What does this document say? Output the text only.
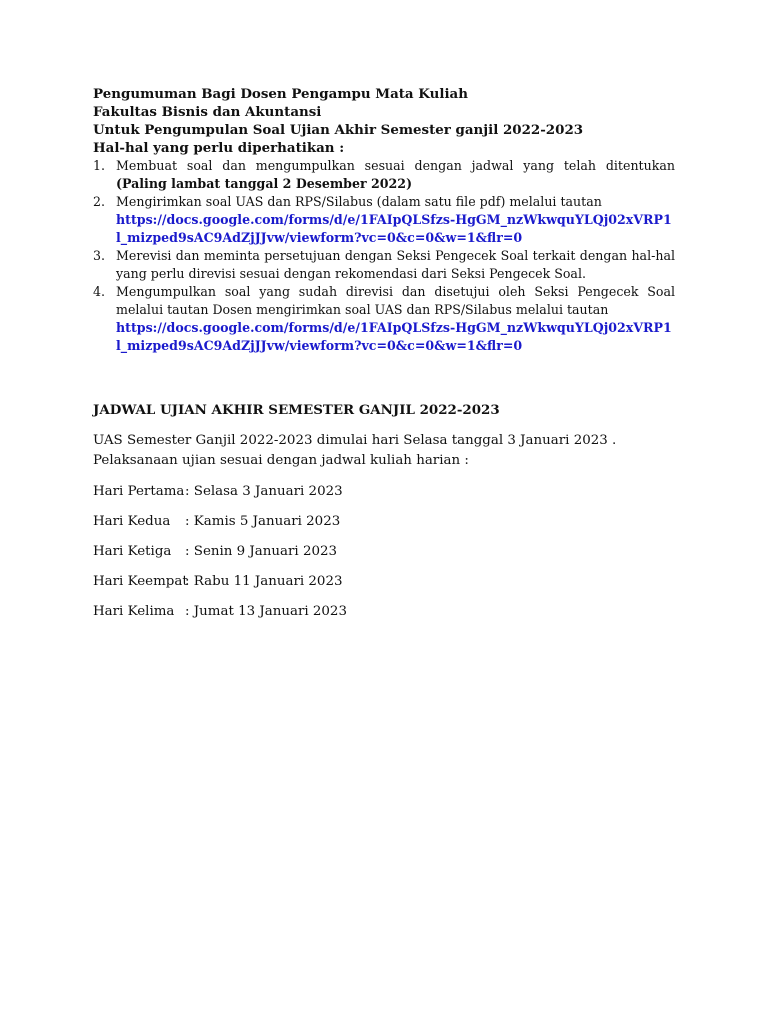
Pengumuman Bagi Dosen Pengampu Mata Kuliah
Fakultas Bisnis dan Akuntansi
Untuk Pengumpulan Soal Ujian Akhir Semester ganjil 2022-2023
Hal-hal yang perlu diperhatikan :
1. Membuat soal dan mengumpulkan sesuai dengan jadwal yang telah ditentukan (Paling lambat tanggal 2 Desember 2022)
2. Mengirimkan soal UAS dan RPS/Silabus (dalam satu file pdf) melalui tautan
https://docs.google.com/forms/d/e/1FAIpQLSfzs-HgGM_nzWkwquYLQj02xVRP1l_mizped9sAC9AdZjJJvw/viewform?vc=0&c=0&w=1&flr=0
3. Merevisi dan meminta persetujuan dengan Seksi Pengecek Soal terkait dengan hal-hal yang perlu direvisi sesuai dengan rekomendasi dari Seksi Pengecek Soal.
4. Mengumpulkan soal yang sudah direvisi dan disetujui oleh Seksi Pengecek Soal melalui tautan Dosen mengirimkan soal UAS dan RPS/Silabus melalui tautan
https://docs.google.com/forms/d/e/1FAIpQLSfzs-HgGM_nzWkwquYLQj02xVRP1l_mizped9sAC9AdZjJJvw/viewform?vc=0&c=0&w=1&flr=0
JADWAL UJIAN AKHIR SEMESTER GANJIL 2022-2023
UAS Semester Ganjil 2022-2023 dimulai hari Selasa tanggal 3 Januari 2023 . Pelaksanaan ujian sesuai dengan jadwal kuliah harian :
Hari Pertama : Selasa 3 Januari 2023
Hari Kedua	: Kamis 5 Januari 2023
Hari Ketiga	: Senin 9 Januari 2023
Hari Keempat
: Rabu 11 Januari 2023
Hari Kelima : Jumat 13 Januari 2023
